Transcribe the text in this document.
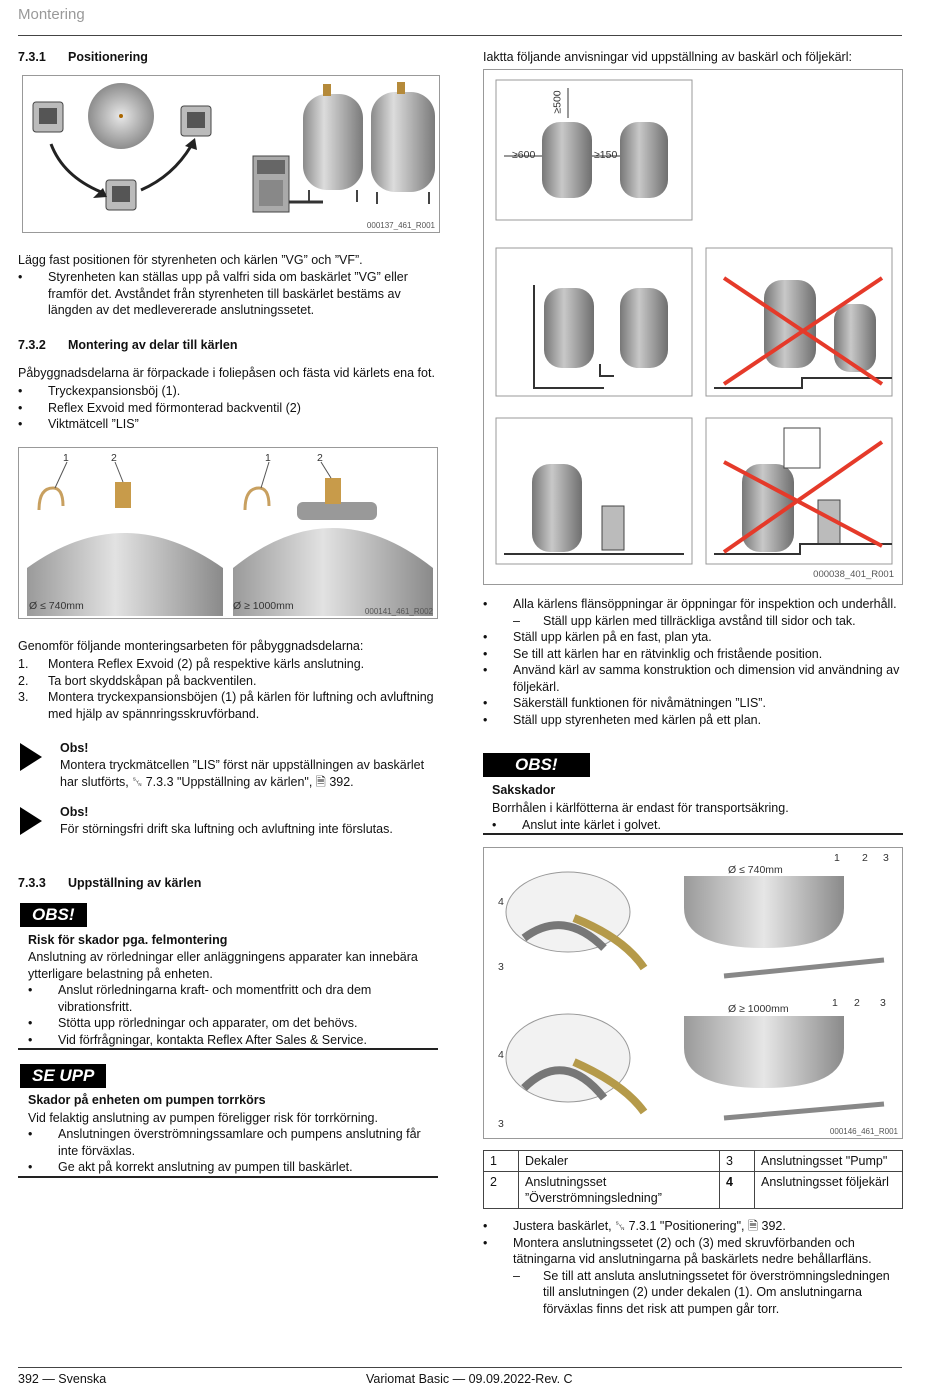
Montering
7.3.1 Positionering
000137_461_R001

Lägg fast positionen för styrenheten och kärlen ”VG” och ”VF”.

• Styrenheten kan ställas upp på valfri sida om baskärlet ”VG” eller framför det. Avståndet från styrenheten till baskärlet bestäms av längden av det medlevererade anslutningssetet.
7.3.2 Montering av delar till kärlen

Påbyggnadsdelarna är förpackade i foliepåsen och fästa vid kärlets ena fot.

• Tryckexpansionsböj (1).
• Reflex Exvoid med förmonterad backventil (2)
• Viktmätcell ”LIS”
1	2	1	2
Ø ≤ 740mm	Ø ≥ 1000mm	000141_461_R002

Genomför följande monteringsarbeten för påbyggnadsdelarna:

1. Montera Reflex Exvoid (2) på respektive kärls anslutning.
2. Ta bort skyddskåpan på backventilen.
3. Montera tryckexpansionsböjen (1) på kärlen för luftning och avluftning med hjälp av spännringsskruvförband.
Obs!

Montera tryckmätcellen ”LIS” först när uppställningen av baskärlet har slutförts, ␖ 7.3.3 "Uppställning av kärlen", 🗎 392.

Obs!

För störningsfri drift ska luftning och avluftning inte förslutas.

7.3.3 Uppställning av kärlen
OBS!
Risk för skador pga. felmontering

Anslutning av rörledningar eller anläggningens apparater kan innebära ytterligare belastning på enheten.

• Anslut rörledningarna kraft- och momentfritt och dra dem vibrationsfritt.
• Stötta upp rörledningar och apparater, om det behövs.
• Vid förfrågningar, kontakta Reflex After Sales & Service.
SE UPP
Skador på enheten om pumpen torrkörs

Vid felaktig anslutning av pumpen föreligger risk för torrkörning.

• Anslutningen överströmningssamlare och pumpens anslutning får inte förväxlas.
• Ge akt på korrekt anslutning av pumpen till baskärlet.

Iaktta följande anvisningar vid uppställning av baskärl och följekärl:

≥600	≥150
≥500
000038_401_R001
• Alla kärlens flänsöppningar är öppningar för inspektion och underhåll.
– Ställ upp kärlen med tillräckliga avstånd till sidor och tak.
• Ställ upp kärlen på en fast, plan yta.
• Se till att kärlen har en rätvinklig och fristående position.
• Använd kärl av samma konstruktion och dimension vid användning av följekärl.
• Säkerställ funktionen för nivåmätningen ”LIS”.
• Ställ upp styrenheten med kärlen på ett plan.
OBS!
Sakskador

Borrhålen i kärlfötterna är endast för transportsäkring.

• Anslut inte kärlet i golvet.
Ø ≤ 740mm
Ø ≥ 1000mm
1 2 3
4
3
1 2 3
4
3
000146_461_R001
1	Dekaler	3	Anslutningsset "Pump"
2	Anslutningsset ”Överströmningsledning”	4	Anslutningsset följekärl
• Justera baskärlet, ␖ 7.3.1 "Positionering", 🗎 392.
• Montera anslutningssetet (2) och (3) med skruvförbanden och tätningarna vid anslutningarna på baskärlets nedre behållarfläns.
– Se till att ansluta anslutningssetet för överströmningsledningen till anslutningen (2) under dekalen (1). Om anslutningarna förväxlas finns det risk att pumpen går torr.
392 — Svenska	Variomat Basic — 09.09.2022-Rev. C
